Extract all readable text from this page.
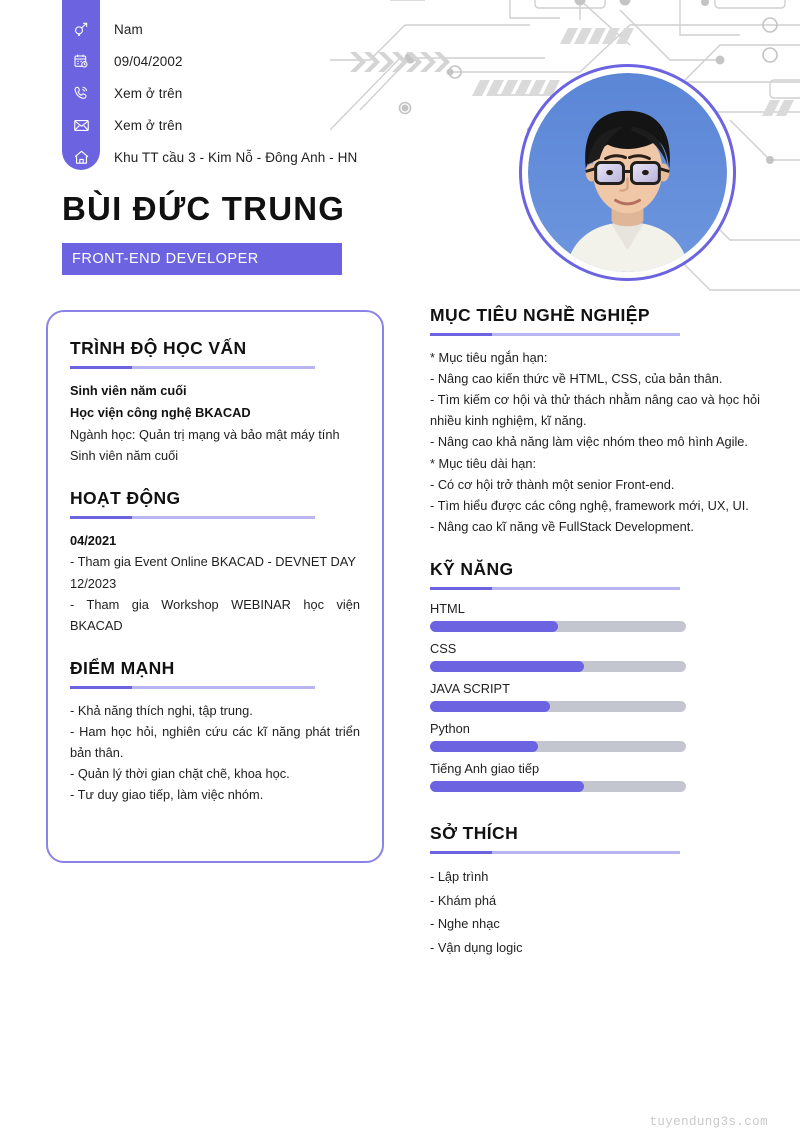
Nam
09/04/2002
Xem ở trên
Xem ở trên
Khu TT cầu 3 - Kim Nỗ - Đông Anh - HN
BÙI ĐỨC TRUNG
FRONT-END DEVELOPER
TRÌNH ĐỘ HỌC VẤN
Sinh viên năm cuối
Học viện công nghệ BKACAD
Ngành học: Quản trị mạng và bảo mật máy tính
Sinh viên năm cuối
HOẠT ĐỘNG
04/2021
- Tham gia Event Online BKACAD - DEVNET DAY
12/2023
- Tham gia Workshop WEBINAR học viện BKACAD
ĐIỂM MẠNH
- Khả năng thích nghi, tập trung.
- Ham học hỏi, nghiên cứu các kĩ năng phát triển bản thân.
- Quản lý thời gian chặt chẽ, khoa học.
- Tư duy giao tiếp, làm việc nhóm.
MỤC TIÊU NGHỀ NGHIỆP
* Mục tiêu ngắn hạn:
- Nâng cao kiến thức về HTML, CSS, của bản thân.
- Tìm kiếm cơ hội và thử thách nhằm nâng cao và học hỏi nhiều kinh nghiệm, kĩ năng.
- Nâng cao khả năng làm việc nhóm theo mô hình Agile.
* Mục tiêu dài hạn:
- Có cơ hội trở thành một senior Front-end.
- Tìm hiểu được các công nghệ, framework mới, UX, UI.
- Nâng cao kĩ năng về FullStack Development.
KỸ NĂNG
HTML
CSS
JAVA SCRIPT
Python
Tiếng Anh giao tiếp
SỞ THÍCH
- Lập trình
- Khám phá
- Nghe nhạc
- Vận dụng logic
tuyendung3s.com
